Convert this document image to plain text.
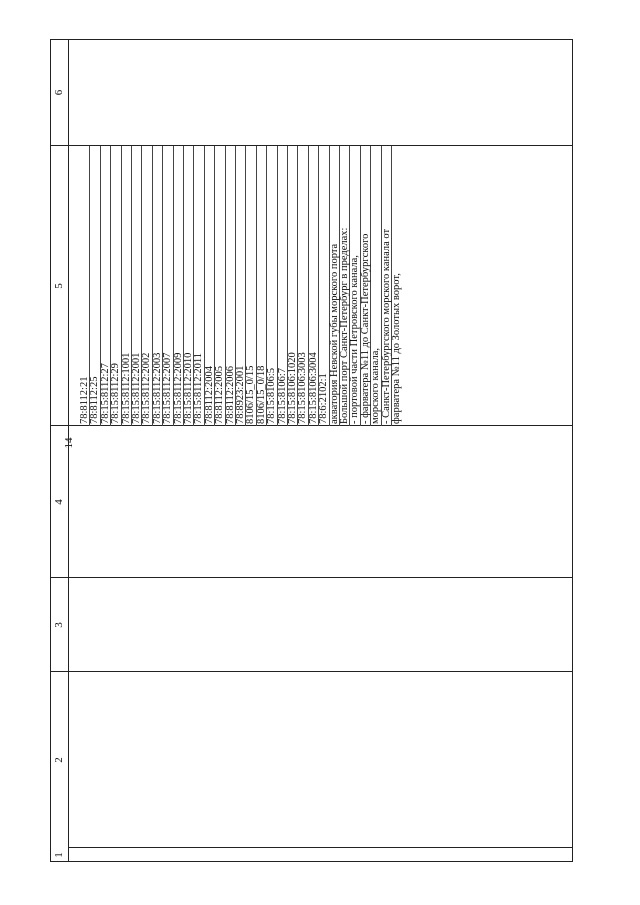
14
1
2
3
4
5
6
78:8112:21 78:8112:25 78:15:8112:27 78:15:8112:29 78:15:8112:1001 78:15:8112:2001 78:15:8112:2002 78:15:8112:2003 78:15:8112:2007 78:15:8112:2009 78:15:8112:2010 78:15:8112:2011 78:8112:2004 78:8112:2005 78:8112:2006 78:8923:2001 8106/15_0/15 8106/15_0/18 78:15:8106:5 78:15:8106:7 78:15:8106:1020 78:15:8106:3003 78:15:8106:3004 78:6:2102:1 акватория Невской губы морского порта Большой порт Санкт-Петербург в пределах: - портовой части Петровского канала, - фарватера №11 до Санкт-Петербургского морского канала, - Санкт-Петербургского морского канала от фарватера №11 до Золотых ворот,
